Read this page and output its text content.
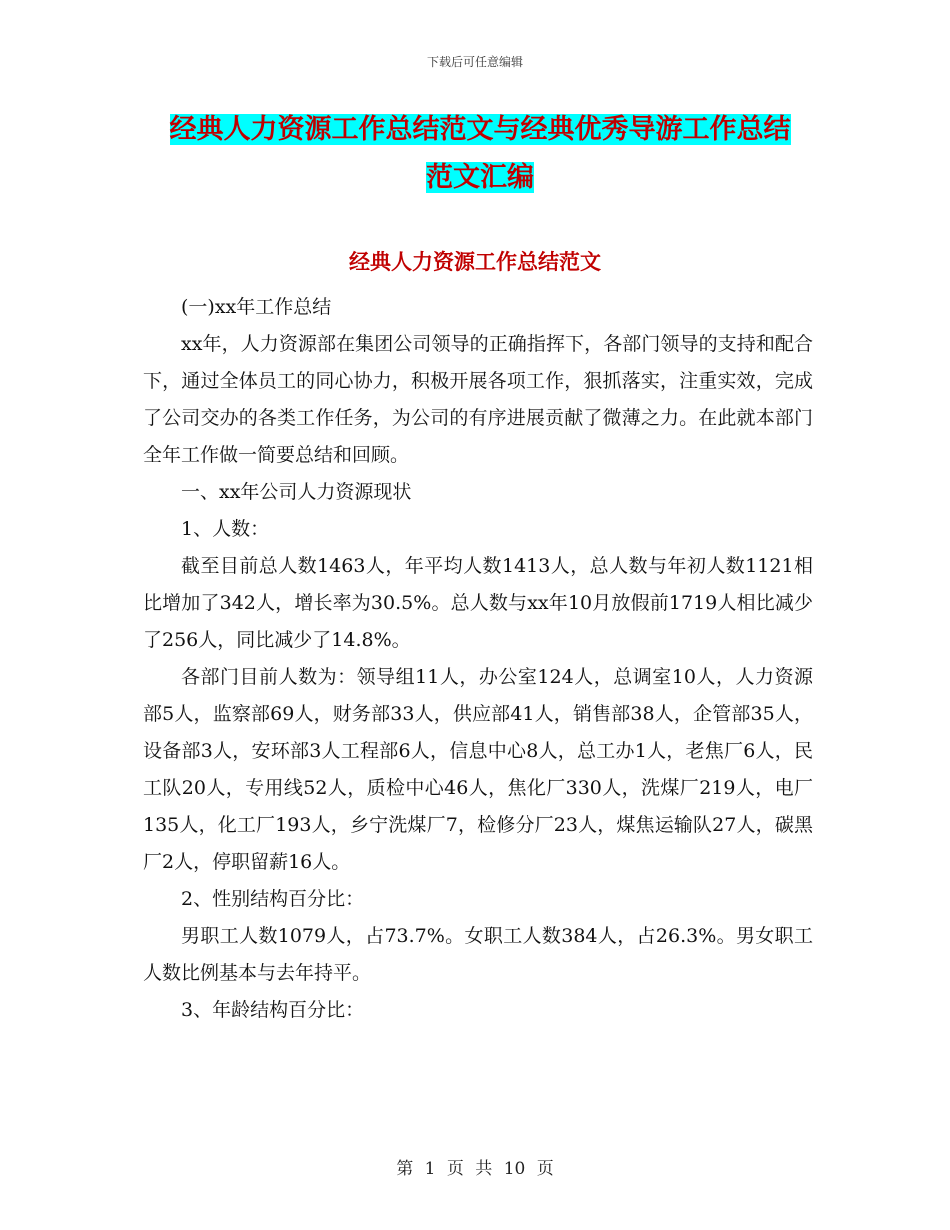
下载后可任意编辑
经典人力资源工作总结范文与经典优秀导游工作总结
范文汇编
经典人力资源工作总结范文

(一)xx年工作总结

xx年，人力资源部在集团公司领导的正确指挥下，各部门领导的支持和配合下，通过全体员工的同心协力，积极开展各项工作，狠抓落实，注重实效，完成了公司交办的各类工作任务，为公司的有序进展贡献了微薄之力。在此就本部门全年工作做一简要总结和回顾。

一、xx年公司人力资源现状

1、人数：

截至目前总人数1463人，年平均人数1413人，总人数与年初人数1121相比增加了342人，增长率为30.5%。总人数与xx年10月放假前1719人相比减少了256人，同比减少了14.8%。

各部门目前人数为：领导组11人，办公室124人，总调室10人，人力资源部5人，监察部69人，财务部33人，供应部41人，销售部38人，企管部35人，设备部3人，安环部3人工程部6人，信息中心8人，总工办1人，老焦厂6人，民工队20人，专用线52人，质检中心46人，焦化厂330人，洗煤厂219人，电厂135人，化工厂193人，乡宁洗煤厂7，检修分厂23人，煤焦运输队27人，碳黑厂2人，停职留薪16人。

2、性别结构百分比：

男职工人数1079人，占73.7%。女职工人数384人，占26.3%。男女职工人数比例基本与去年持平。

3、年龄结构百分比：

第 1 页 共 10 页
